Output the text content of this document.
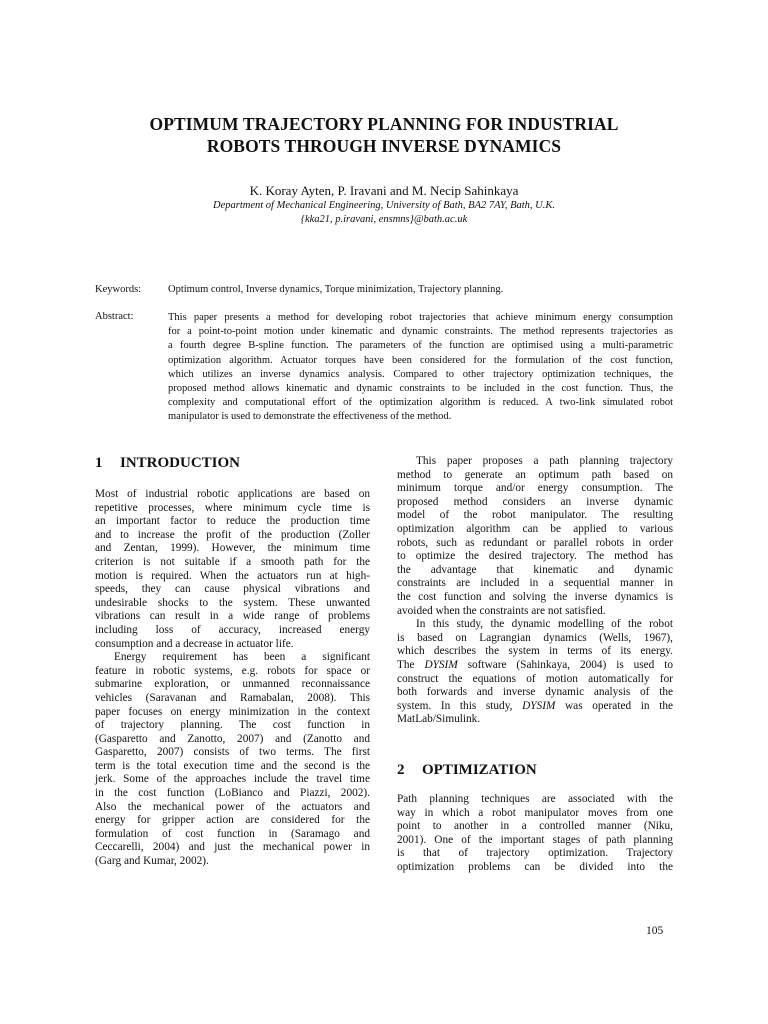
OPTIMUM TRAJECTORY PLANNING FOR INDUSTRIAL
ROBOTS THROUGH INVERSE DYNAMICS
K. Koray Ayten, P. Iravani and M. Necip Sahinkaya
Department of Mechanical Engineering, University of Bath, BA2 7AY, Bath, U.K.
{kka21, p.iravani, ensmns}@bath.ac.uk
Keywords:	Optimum control, Inverse dynamics, Torque minimization, Trajectory planning.
Abstract:	This paper presents a method for developing robot trajectories that achieve minimum energy consumption
for a point-to-point motion under kinematic and dynamic constraints. The method represents trajectories as
a fourth degree B-spline function. The parameters of the function are optimised using a multi-parametric
optimization algorithm. Actuator torques have been considered for the formulation of the cost function,
which utilizes an inverse dynamics analysis. Compared to other trajectory optimization techniques, the
proposed method allows kinematic and dynamic constraints to be included in the cost function. Thus, the
complexity and computational effort of the optimization algorithm is reduced. A two-link simulated robot
manipulator is used to demonstrate the effectiveness of the method.
1 INTRODUCTION
Most of industrial robotic applications are based on
repetitive processes, where minimum cycle time is
an important factor to reduce the production time
and to increase the profit of the production (Zoller
and Zentan, 1999). However, the minimum time
criterion is not suitable if a smooth path for the
motion is required. When the actuators run at high-
speeds, they can cause physical vibrations and
undesirable shocks to the system. These unwanted
vibrations can result in a wide range of problems
including loss of accuracy, increased energy
consumption and a decrease in actuator life.
Energy requirement has been a significant
feature in robotic systems, e.g. robots for space or
submarine exploration, or unmanned reconnaissance
vehicles (Saravanan and Ramabalan, 2008). This
paper focuses on energy minimization in the context
of trajectory planning. The cost function in
(Gasparetto and Zanotto, 2007) and (Zanotto and
Gasparetto, 2007) consists of two terms. The first
term is the total execution time and the second is the
jerk. Some of the approaches include the travel time
in the cost function (LoBianco and Piazzi, 2002).
Also the mechanical power of the actuators and
energy for gripper action are considered for the
formulation of cost function in (Saramago and
Ceccarelli, 2004) and just the mechanical power in
(Garg and Kumar, 2002).
This paper proposes a path planning trajectory
method to generate an optimum path based on
minimum torque and/or energy consumption. The
proposed method considers an inverse dynamic
model of the robot manipulator. The resulting
optimization algorithm can be applied to various
robots, such as redundant or parallel robots in order
to optimize the desired trajectory. The method has
the advantage that kinematic and dynamic
constraints are included in a sequential manner in
the cost function and solving the inverse dynamics is
avoided when the constraints are not satisfied.
In this study, the dynamic modelling of the robot
is based on Lagrangian dynamics (Wells, 1967),
which describes the system in terms of its energy.
The DYSIM software (Sahinkaya, 2004) is used to
construct the equations of motion automatically for
both forwards and inverse dynamic analysis of the
system. In this study, DYSIM was operated in the
MatLab/Simulink.
2 OPTIMIZATION
Path planning techniques are associated with the
way in which a robot manipulator moves from one
point to another in a controlled manner (Niku,
2001). One of the important stages of path planning
is that of trajectory optimization. Trajectory
optimization problems can be divided into the
105
